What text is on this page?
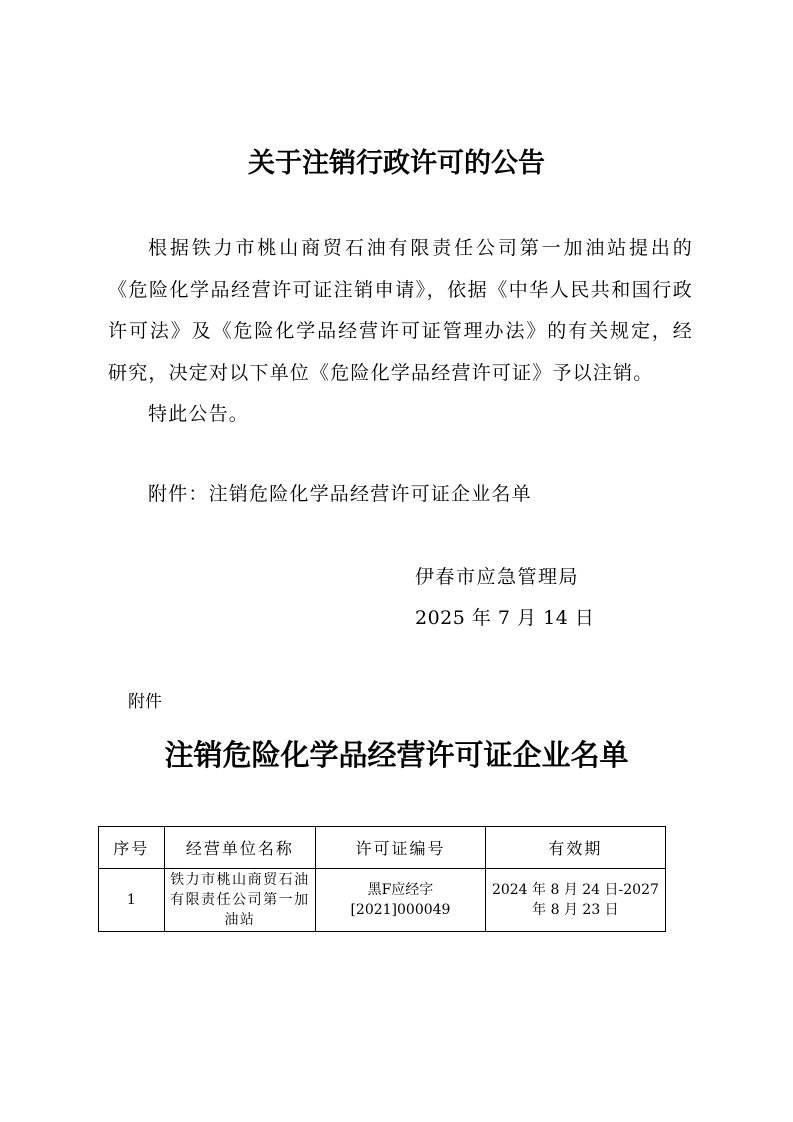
关于注销行政许可的公告

根据铁力市桃山商贸石油有限责任公司第一加油站提出的《危险化学品经营许可证注销申请》，依据《中华人民共和国行政许可法》及《危险化学品经营许可证管理办法》的有关规定，经研究，决定对以下单位《危险化学品经营许可证》予以注销。

特此公告。

附件：注销危险化学品经营许可证企业名单
伊春市应急管理局
2025 年 7 月 14 日
附件
注销危险化学品经营许可证企业名单
序号	经营单位名称	许可证编号	有效期
1	铁力市桃山商贸石油有限责任公司第一加油站	黑F应经字[2021]000049	2024 年 8 月 24 日-2027 年 8 月 23 日
